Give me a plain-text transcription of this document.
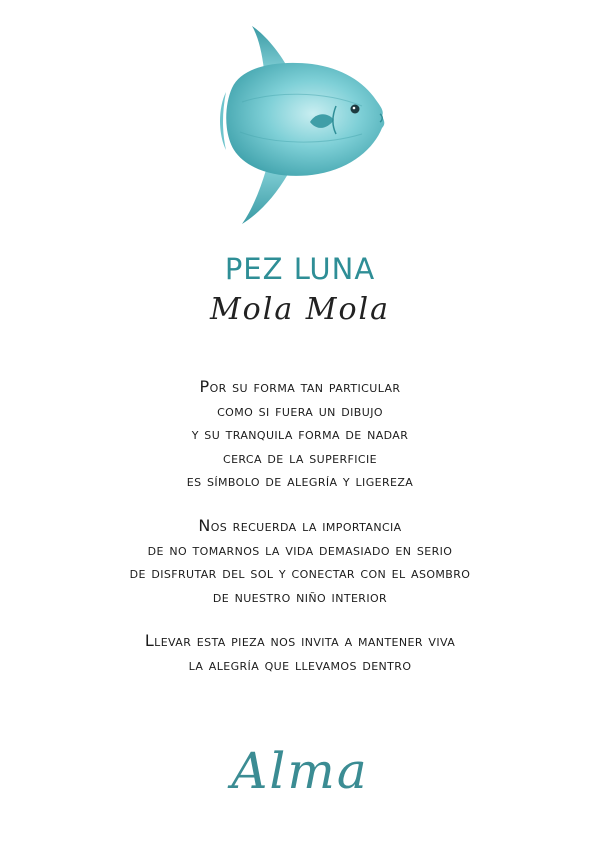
PEZ LUNA
Mola Mola
Por su forma tan particular
como si fuera un dibujo
y su tranquila forma de nadar
cerca de la superficie
es símbolo de alegría y ligereza
Nos recuerda la importancia
de no tomarnos la vida demasiado en serio
de disfrutar del sol y conectar con el asombro
de nuestro niño interior
Llevar esta pieza nos invita a mantener viva
la alegría que llevamos dentro
Alma
